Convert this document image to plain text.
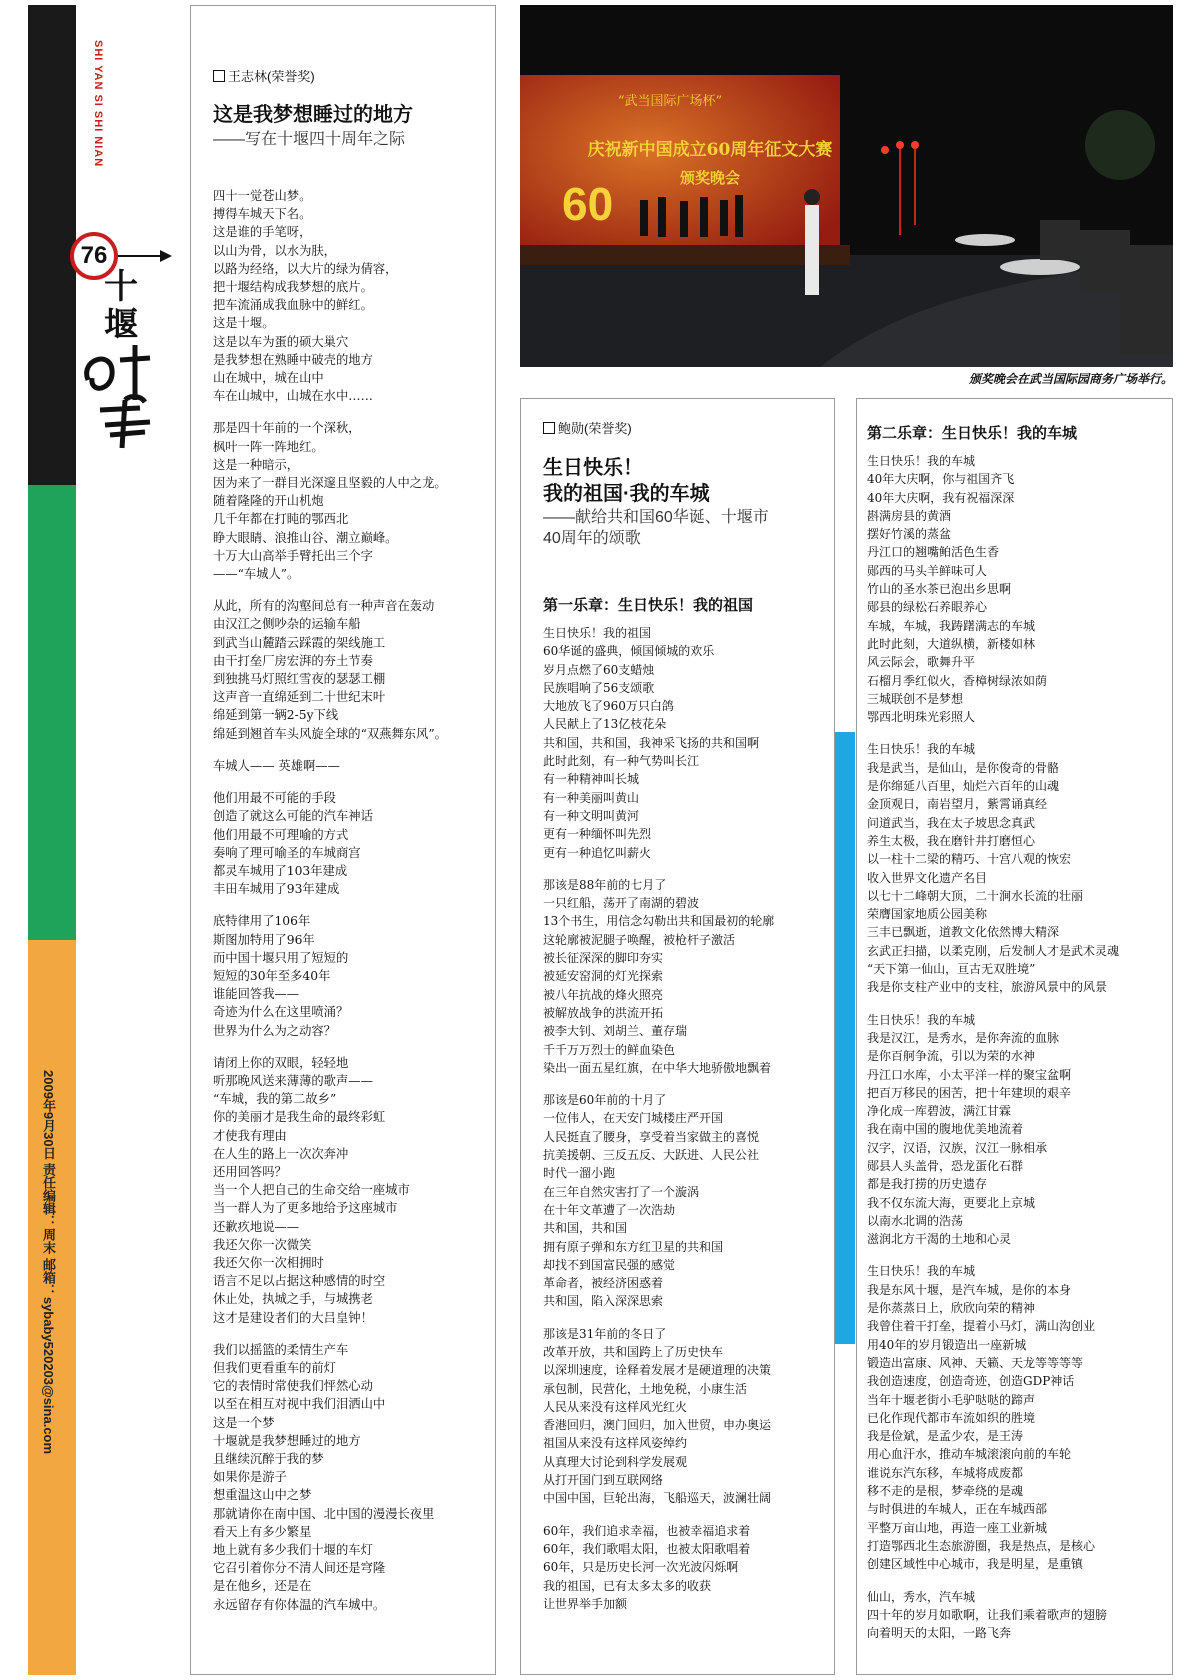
SHI YAN SI SHI NIAN
76
十堰
2009年9月30日 责任编辑：周末 邮箱：sybaby520203@sina.com
王志林(荣誉奖)
这是我梦想睡过的地方
——写在十堰四十周年之际

四十一觉苍山梦。
搏得车城天下名。
这是谁的手笔呀，
以山为骨，以水为肤，
以路为经络，以大片的绿为倩容，
把十堰结构成我梦想的底片。
把车流涌成我血脉中的鲜红。
这是十堰。
这是以车为蛋的硕大巢穴
是我梦想在熟睡中破壳的地方
山在城中，城在山中
车在山城中，山城在水中……

那是四十年前的一个深秋，
枫叶一阵一阵地红。
这是一种暗示，
因为来了一群目光深邃且坚毅的人中之龙。
随着隆隆的开山机炮
几千年都在打盹的鄂西北
睁大眼睛、浪推山谷、潮立巅峰。
十万大山高举手臂托出三个字
——“车城人”。

从此，所有的沟壑间总有一种声音在轰动
由汉江之侧吵杂的运输车船
到武当山麓踏云踩霞的架线施工
由干打垒厂房宏湃的夯土节奏
到独挑马灯照红雪夜的瑟瑟工棚
这声音一直绵延到二十世纪末叶
绵延到第一辆2-5y下线
绵延到翘首车头风旋全球的“双燕舞东风”。

车城人—— 英雄啊——

他们用最不可能的手段
创造了就这么可能的汽车神话
他们用最不可理喻的方式
奏响了理可喻圣的车城商宫
都灵车城用了103年建成
丰田车城用了93年建成

底特律用了106年
斯图加特用了96年
而中国十堰只用了短短的
短短的30年至多40年
谁能回答我——
奇迹为什么在这里喷涌？
世界为什么为之动容？

请闭上你的双眼，轻轻地
听那晚风送来薄薄的歌声——
“车城，我的第二故乡”
你的美丽才是我生命的最终彩虹
才使我有理由
在人生的路上一次次奔冲
还用回答吗？
当一个人把自己的生命交给一座城市
当一群人为了更多地给予这座城市
还歉疚地说——
我还欠你一次微笑
我还欠你一次相拥时
语言不足以占据这种感情的时空
休止处，执城之手，与城携老
这才是建设者们的大吕皇钟！

我们以摇篮的柔情生产车
但我们更看重车的前灯
它的表情时常使我们怦然心动
以至在相互对视中我们泪洒山中
这是一个梦
十堰就是我梦想睡过的地方
且继续沉醉于我的梦
如果你是游子
想重温这山中之梦
那就请你在南中国、北中国的漫漫长夜里
看天上有多少繁星
地上就有多少我们十堰的车灯
它召引着你分不清人间还是穹隆
是在他乡，还是在
永远留存有你体温的汽车城中。

60
“武当国际广场杯”
庆祝新中国成立60周年征文大赛
颁奖晚会
颁奖晚会在武当国际园商务广场举行。
鲍勋(荣誉奖)
生日快乐！
我的祖国·我的车城
——献给共和国60华诞、十堰市
40周年的颂歌
第一乐章：生日快乐！我的祖国

生日快乐！我的祖国
60华诞的盛典，倾国倾城的欢乐
岁月点燃了60支蜡烛
民族唱响了56支颂歌
大地放飞了960万只白鸽
人民献上了13亿枝花朵
共和国，共和国，我神采飞扬的共和国啊
此时此刻，有一种气势叫长江
有一种精神叫长城
有一种美丽叫黄山
有一种文明叫黄河
更有一种缅怀叫先烈
更有一种追忆叫薪火

那该是88年前的七月了
一只红船，荡开了南湖的碧波
13个书生，用信念勾勒出共和国最初的轮廓
这轮廓被泥腿子唤醒，被枪杆子激活
被长征深深的脚印夯实
被延安窑洞的灯光探索
被八年抗战的烽火照亮
被解放战争的洪流开拓
被李大钊、刘胡兰、董存瑞
千千万万烈士的鲜血染色
染出一面五星红旗，在中华大地骄傲地飘着

那该是60年前的十月了
一位伟人，在天安门城楼庄严开国
人民挺直了腰身，享受着当家做主的喜悦
抗美援朝、三反五反、大跃进、人民公社
时代一溜小跑
在三年自然灾害打了一个漩涡
在十年文革遭了一次浩劫
共和国，共和国
拥有原子弹和东方红卫星的共和国
却找不到国富民强的感觉
革命者，被经济困惑着
共和国，陷入深深思索

那该是31年前的冬日了
改革开放，共和国跨上了历史快车
以深圳速度，诠释着发展才是硬道理的决策
承包制，民营化，土地免税，小康生活
人民从来没有这样风光红火
香港回归，澳门回归，加入世贸，申办奥运
祖国从来没有这样风姿绰约
从真理大讨论到科学发展观
从打开国门到互联网络
中国中国，巨轮出海，飞船巡天，波澜壮阔

60年，我们追求幸福，也被幸福追求着
60年，我们歌唱太阳，也被太阳歌唱着
60年，只是历史长河一次光波闪烁啊
我的祖国，已有太多太多的收获
让世界举手加额

第二乐章：生日快乐！我的车城

生日快乐！我的车城
40年大庆啊，你与祖国齐飞
40年大庆啊，我有祝福深深
斟满房县的黄酒
摆好竹溪的蒸盆
丹江口的翘嘴鲌活色生香
郧西的马头羊鲜味可人
竹山的圣水茶已泡出乡思啊
郧县的绿松石养眼养心
车城，车城，我踌躇满志的车城
此时此刻，大道纵横，新楼如林
风云际会，歌舞升平
石榴月季红似火，香樟树绿浓如荫
三城联创不是梦想
鄂西北明珠光彩照人

生日快乐！我的车城
我是武当，是仙山，是你俊奇的骨骼
是你绵延八百里，灿烂六百年的山魂
金顶观日，南岩望月，紫霄诵真经
问道武当，我在太子坡思念真武
养生太极，我在磨针井打磨恒心
以一柱十二梁的精巧、十宫八观的恢宏
收入世界文化遗产名目
以七十二峰朝大顶，二十涧水长流的壮丽
荣膺国家地质公园美称
三丰已飘逝，道教文化依然博大精深
玄武正扫描，以柔克刚，后发制人才是武术灵魂
“天下第一仙山，亘古无双胜境”
我是你支柱产业中的支柱，旅游风景中的风景

生日快乐！我的车城
我是汉江，是秀水，是你奔流的血脉
是你百舸争流，引以为荣的水神
丹江口水库，小太平洋一样的聚宝盆啊
把百万移民的困苦，把十年建坝的艰辛
净化成一库碧波，满江甘霖
我在南中国的腹地优美地流着
汉字，汉语，汉族，汉江一脉相承
郧县人头盖骨，恐龙蛋化石群
都是我打捞的历史遗存
我不仅东流大海，更要北上京城
以南水北调的浩荡
滋润北方干渴的土地和心灵

生日快乐！我的车城
我是东风十堰，是汽车城，是你的本身
是你蒸蒸日上，欣欣向荣的精神
我曾住着干打垒，提着小马灯，满山沟创业
用40年的岁月锻造出一座新城
锻造出富康、风神、天籁、天龙等等等等
我创造速度，创造奇迹，创造GDP神话
当年十堰老街小毛驴哒哒的蹄声
已化作现代都市车流如织的胜境
我是俭斌，是孟少农，是王涛
用心血汗水，推动车城滚滚向前的车轮
谁说东汽东移，车城将成废都
移不走的是根，梦牵绕的是魂
与时俱进的车城人，正在车城西部
平整万亩山地，再造一座工业新城
打造鄂西北生态旅游圈，我是热点，是核心
创建区域性中心城市，我是明星，是重镇

仙山，秀水，汽车城
四十年的岁月如歌啊，让我们乘着歌声的翅膀
向着明天的太阳，一路飞奔
